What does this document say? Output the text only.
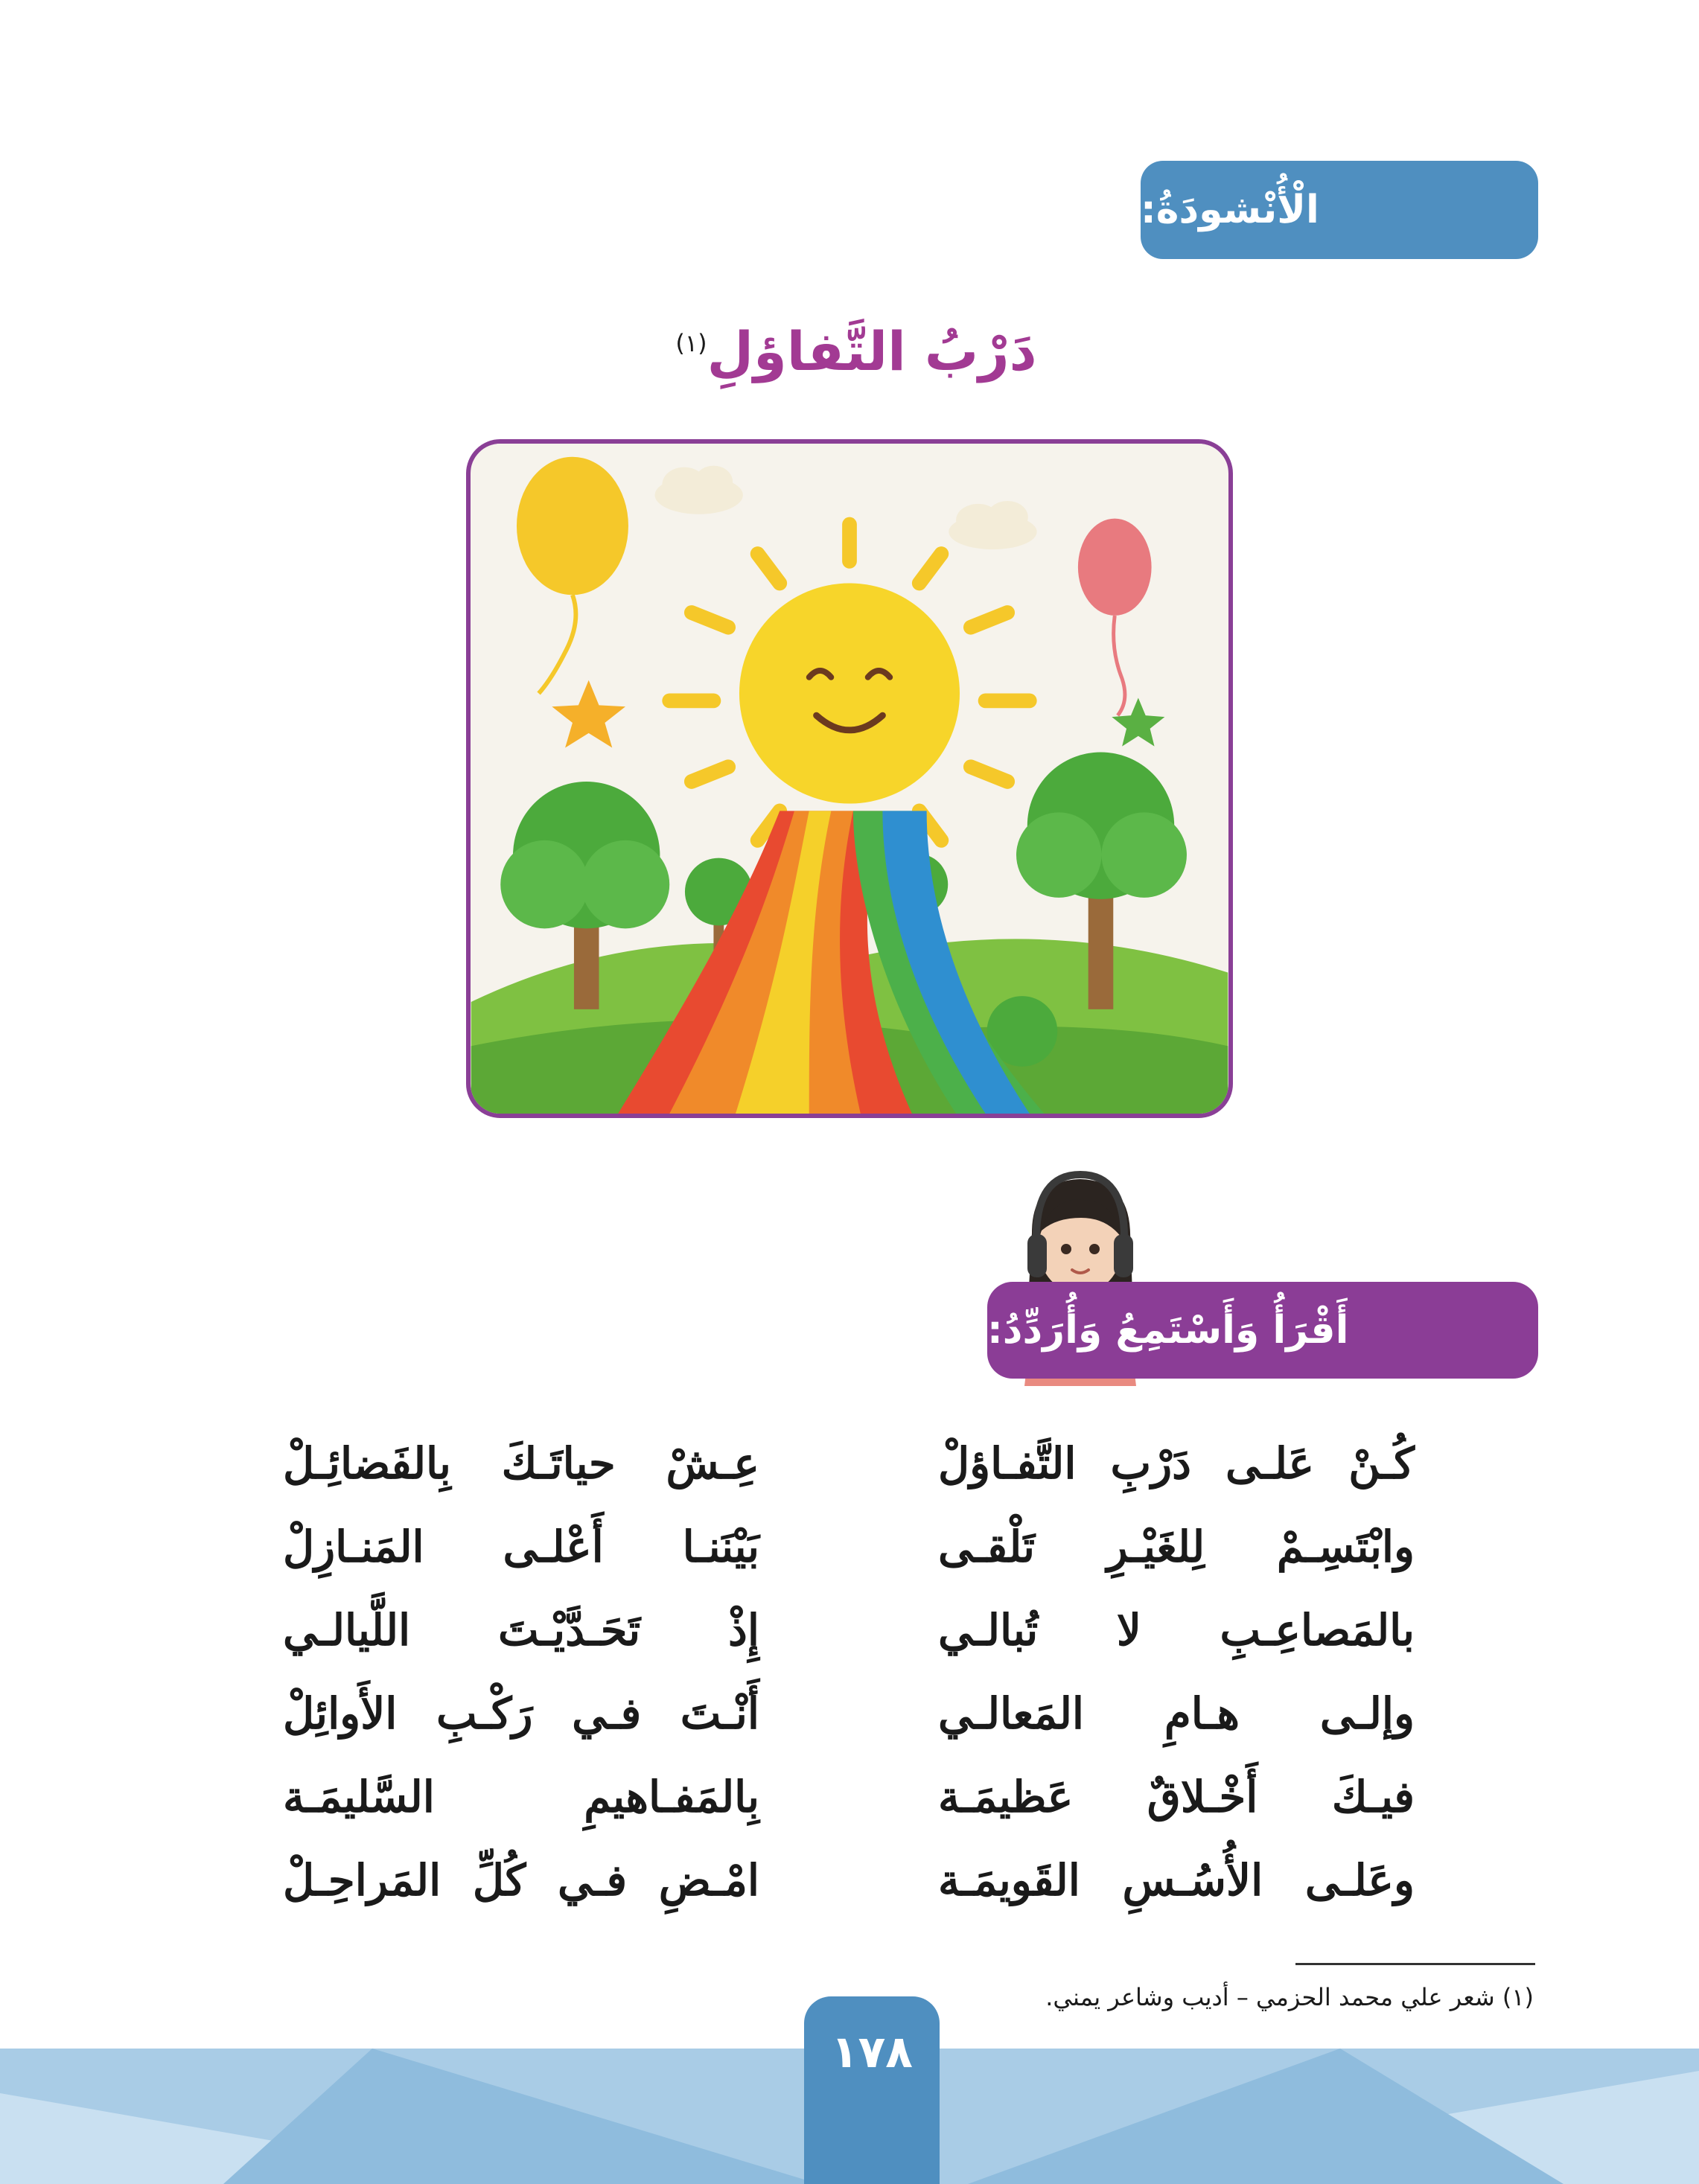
الْأُنْشودَةُ:
دَرْبُ التَّفاؤلِ$^{(١)}$
أَقْرَأُ وَأَسْتَمِعُ وَأُرَدِّدُ:
كُـنْ عَلـى دَرْبِ التَّفـاؤلْ
وابْتَسِـمْ لِلغَيْـرِ تَلْقـى
بالمَصاعِـبِ لا تُبالـي
وإلـى هـامِ المَعالـي
فيـكَ أَخْـلاقٌ عَظيمَـة
وعَلـى الأُسُـسِ القَويمَـة
عِـشْ حياتَـكَ بِالفَضائِـلْ
بَيْنَنـا أَعْلـى المَنـازِلْ
إِذْ تَحَـدَّيْـتَ اللَّيالـي
أَنْـتَ فـي رَكْـبِ الأَوائِلْ
بِالمَفـاهيمِ السَّليمَـة
امْـضِ فـي كُلِّ المَراحِـلْ
(١) شعر علي محمد الحزمي – أديب وشاعر يمني.
١٧٨
